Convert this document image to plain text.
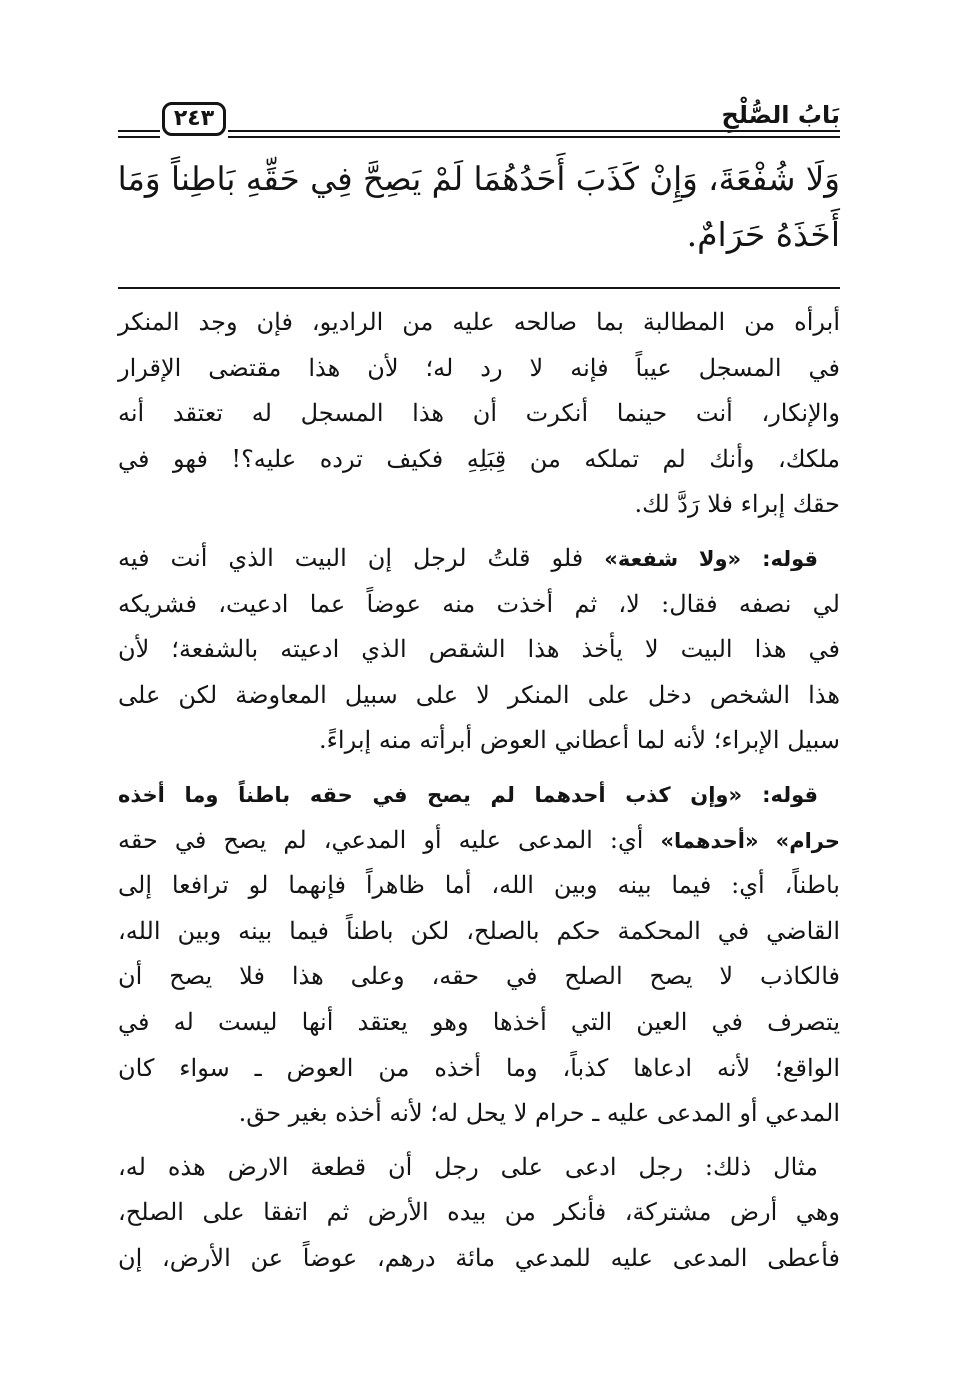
بَابُ الصُّلْحِ
٢٤٣
وَلَا شُفْعَةَ، وَإِنْ كَذَبَ أَحَدُهُمَا لَمْ يَصِحَّ فِي حَقِّهِ بَاطِناً وَمَا
أَخَذَهُ حَرَامٌ.
أبرأه من المطالبة بما صالحه عليه من الراديو، فإن وجد المنكر
في المسجل عيباً فإنه لا رد له؛ لأن هذا مقتضى الإقرار
والإنكار، أنت حينما أنكرت أن هذا المسجل له تعتقد أنه
ملكك، وأنك لم تملكه من قِبَلِهِ فكيف ترده عليه؟! فهو في
حقك إبراء فلا رَدَّ لك.
قوله: «ولا شفعة» فلو قلتُ لرجل إن البيت الذي أنت فيه
لي نصفه فقال: لا، ثم أخذت منه عوضاً عما ادعيت، فشريكه
في هذا البيت لا يأخذ هذا الشقص الذي ادعيته بالشفعة؛ لأن
هذا الشخص دخل على المنكر لا على سبيل المعاوضة لكن على
سبيل الإبراء؛ لأنه لما أعطاني العوض أبرأته منه إبراءً.
قوله: «وإن كذب أحدهما لم يصح في حقه باطناً وما أخذه
حرام» «أحدهما» أي: المدعى عليه أو المدعي، لم يصح في حقه
باطناً، أي: فيما بينه وبين الله، أما ظاهراً فإنهما لو ترافعا إلى
القاضي في المحكمة حكم بالصلح، لكن باطناً فيما بينه وبين الله،
فالكاذب لا يصح الصلح في حقه، وعلى هذا فلا يصح أن
يتصرف في العين التي أخذها وهو يعتقد أنها ليست له في
الواقع؛ لأنه ادعاها كذباً، وما أخذه من العوض ـ سواء كان
المدعي أو المدعى عليه ـ حرام لا يحل له؛ لأنه أخذه بغير حق.
مثال ذلك: رجل ادعى على رجل أن قطعة الارض هذه له،
وهي أرض مشتركة، فأنكر من بيده الأرض ثم اتفقا على الصلح،
فأعطى المدعى عليه للمدعي مائة درهم، عوضاً عن الأرض، إن
